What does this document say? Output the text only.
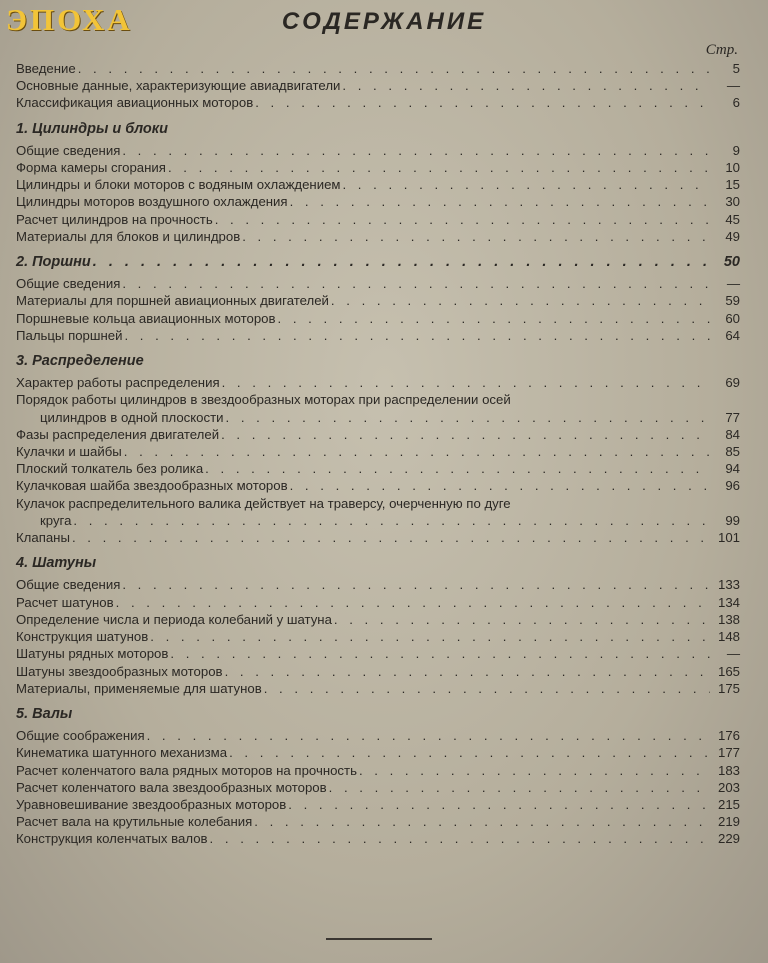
ЭПОХА	СОДЕРЖАНИЕ
Стр.
Введение . . .	5
Основные данные, характеризующие авиадвигатели . . .	—
Классификация авиационных моторов . . .	6
1. Цилиндры и блоки
Общие сведения . . .	9
Форма камеры сгорания . . .	10
Цилиндры и блоки моторов с водяным охлаждением . . .	15
Цилиндры моторов воздушного охлаждения . . .	30
Расчет цилиндров на прочность . . .	45
Материалы для блоков и цилиндров . . .	49
2. Поршни . . .	50
Общие сведения . . .	—
Материалы для поршней авиационных двигателей . . .	59
Поршневые кольца авиационных моторов . . .	60
Пальцы поршней . . .	64
3. Распределение
Характер работы распределения . . .	69
Порядок работы цилиндров в звездообразных моторах при распределении осей
цилиндров в одной плоскости . . .	77
Фазы распределения двигателей . . .	84
Кулачки и шайбы . . .	85
Плоский толкатель без ролика . . .	94
Кулачковая шайба звездообразных моторов . . .	96
Кулачок распределительного валика действует на траверсу, очерченную по дуге
круга . . .	99
Клапаны . . .	101
4. Шатуны
Общие сведения . . .	133
Расчет шатунов . . .	134
Определение числа и периода колебаний у шатуна . . .	138
Конструкция шатунов . . .	148
Шатуны рядных моторов . . .	—
Шатуны звездообразных моторов . . .	165
Материалы, применяемые для шатунов . . .	175
5. Валы
Общие соображения . . .	176
Кинематика шатунного механизма . . .	177
Расчет коленчатого вала рядных моторов на прочность . . .	183
Расчет коленчатого вала звездообразных моторов . . .	203
Уравновешивание звездообразных моторов . . .	215
Расчет вала на крутильные колебания . . .	219
Конструкция коленчатых валов . . .	229
